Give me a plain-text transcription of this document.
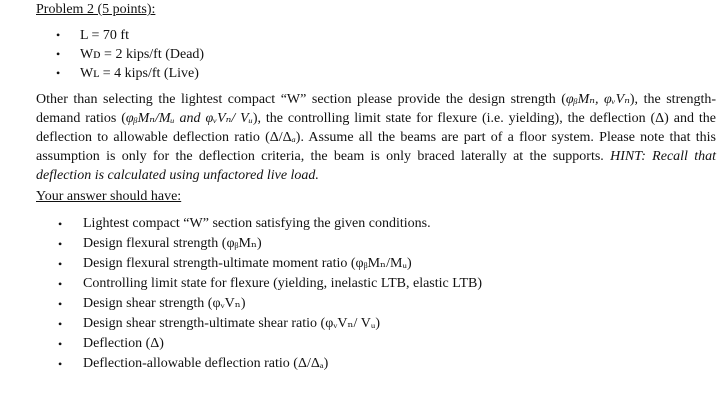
Problem 2 (5 points):
• L = 70 ft
• Wᴅ = 2 kips/ft (Dead)
• Wʟ = 4 kips/ft (Live)

Other than selecting the lightest compact “W” section please provide the design strength (φᵦMₙ, φᵥVₙ), the strength-demand ratios (φᵦMₙ/Mᵤ and φᵥVₙ/ Vᵤ), the controlling limit state for flexure (i.e. yielding), the deflection (Δ) and the deflection to allowable deflection ratio (Δ/Δₐ). Assume all the beams are part of a floor system. Please note that this assumption is only for the deflection criteria, the beam is only braced laterally at the supports. HINT: Recall that deflection is calculated using unfactored live load.

Your answer should have:
• Lightest compact “W” section satisfying the given conditions.
• Design flexural strength (φᵦMₙ)
• Design flexural strength-ultimate moment ratio (φᵦMₙ/Mᵤ)
• Controlling limit state for flexure (yielding, inelastic LTB, elastic LTB)
• Design shear strength (φᵥVₙ)
• Design shear strength-ultimate shear ratio (φᵥVₙ/ Vᵤ)
• Deflection (Δ)
• Deflection-allowable deflection ratio (Δ/Δₐ)
